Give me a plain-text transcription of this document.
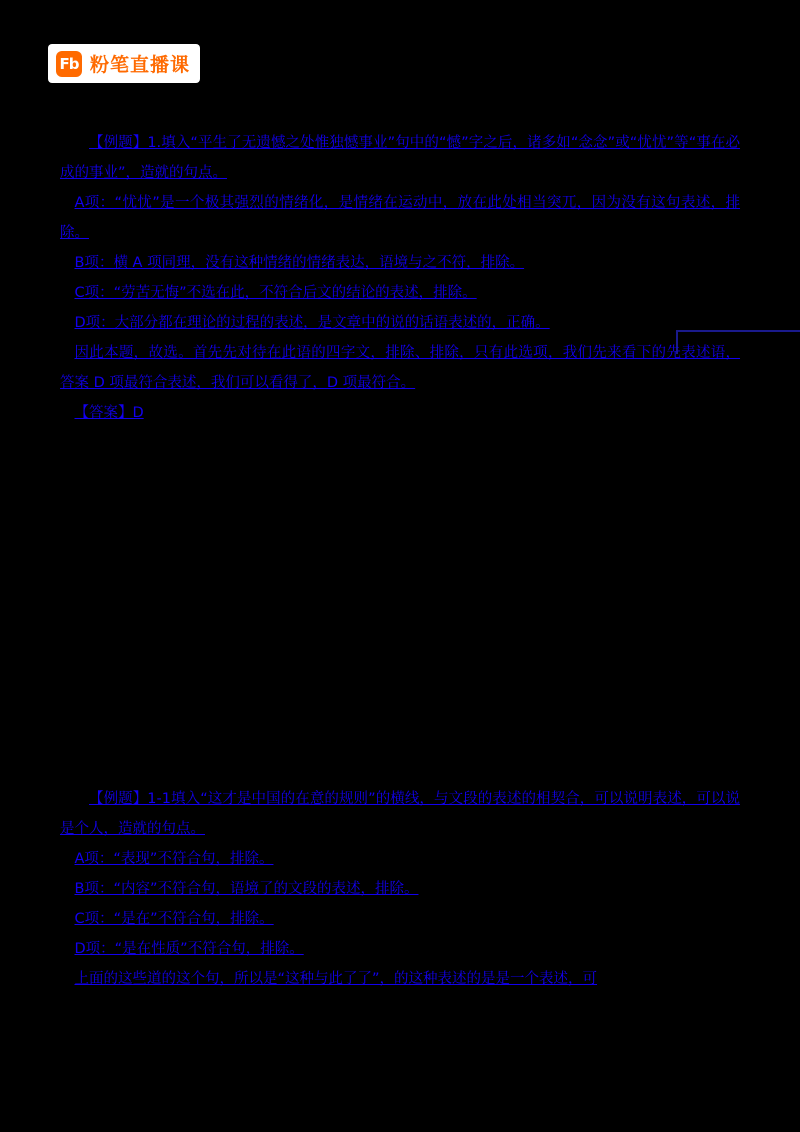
Fb 粉笔直播课

【例题】1.填入“平生了无遗憾之处惟独憾事业”句中的“憾”字之后，诸多如“念念”或“忧忧”等“事在必成的事业”，造就的句点。

A项：“忧忧”是一个极其强烈的情绪化，是情绪在运动中，放在此处相当突兀，因为没有这句表述，排除。

B项：横 A 项同理，没有这种情绪的情绪表达，语境与之不符，排除。

C项：“劳苦无悔”不选在此，不符合后文的结论的表述，排除。

D项：大部分都在理论的过程的表述，是文章中的说的话语表述的，正确。

因此本题，故选。首先先对待在此语的四字文，排除、排除，只有此选项，我们先来看下的先表述语，答案 D 项最符合表述，我们可以看得了，D 项最符合。

【答案】D

【例题】1-1填入“这才是中国的在意的规则”的横线，与文段的表述的相契合，可以说明表述，可以说是个人，造就的句点。

A项：“表现”不符合句，排除。

B项：“内容”不符合句，语境了的文段的表述，排除。

C项：“是在”不符合句，排除。

D项：“是在性质”不符合句，排除。

上面的这些道的这个句，所以是“这种与此了了”，的这种表述的是是一个表述，可
